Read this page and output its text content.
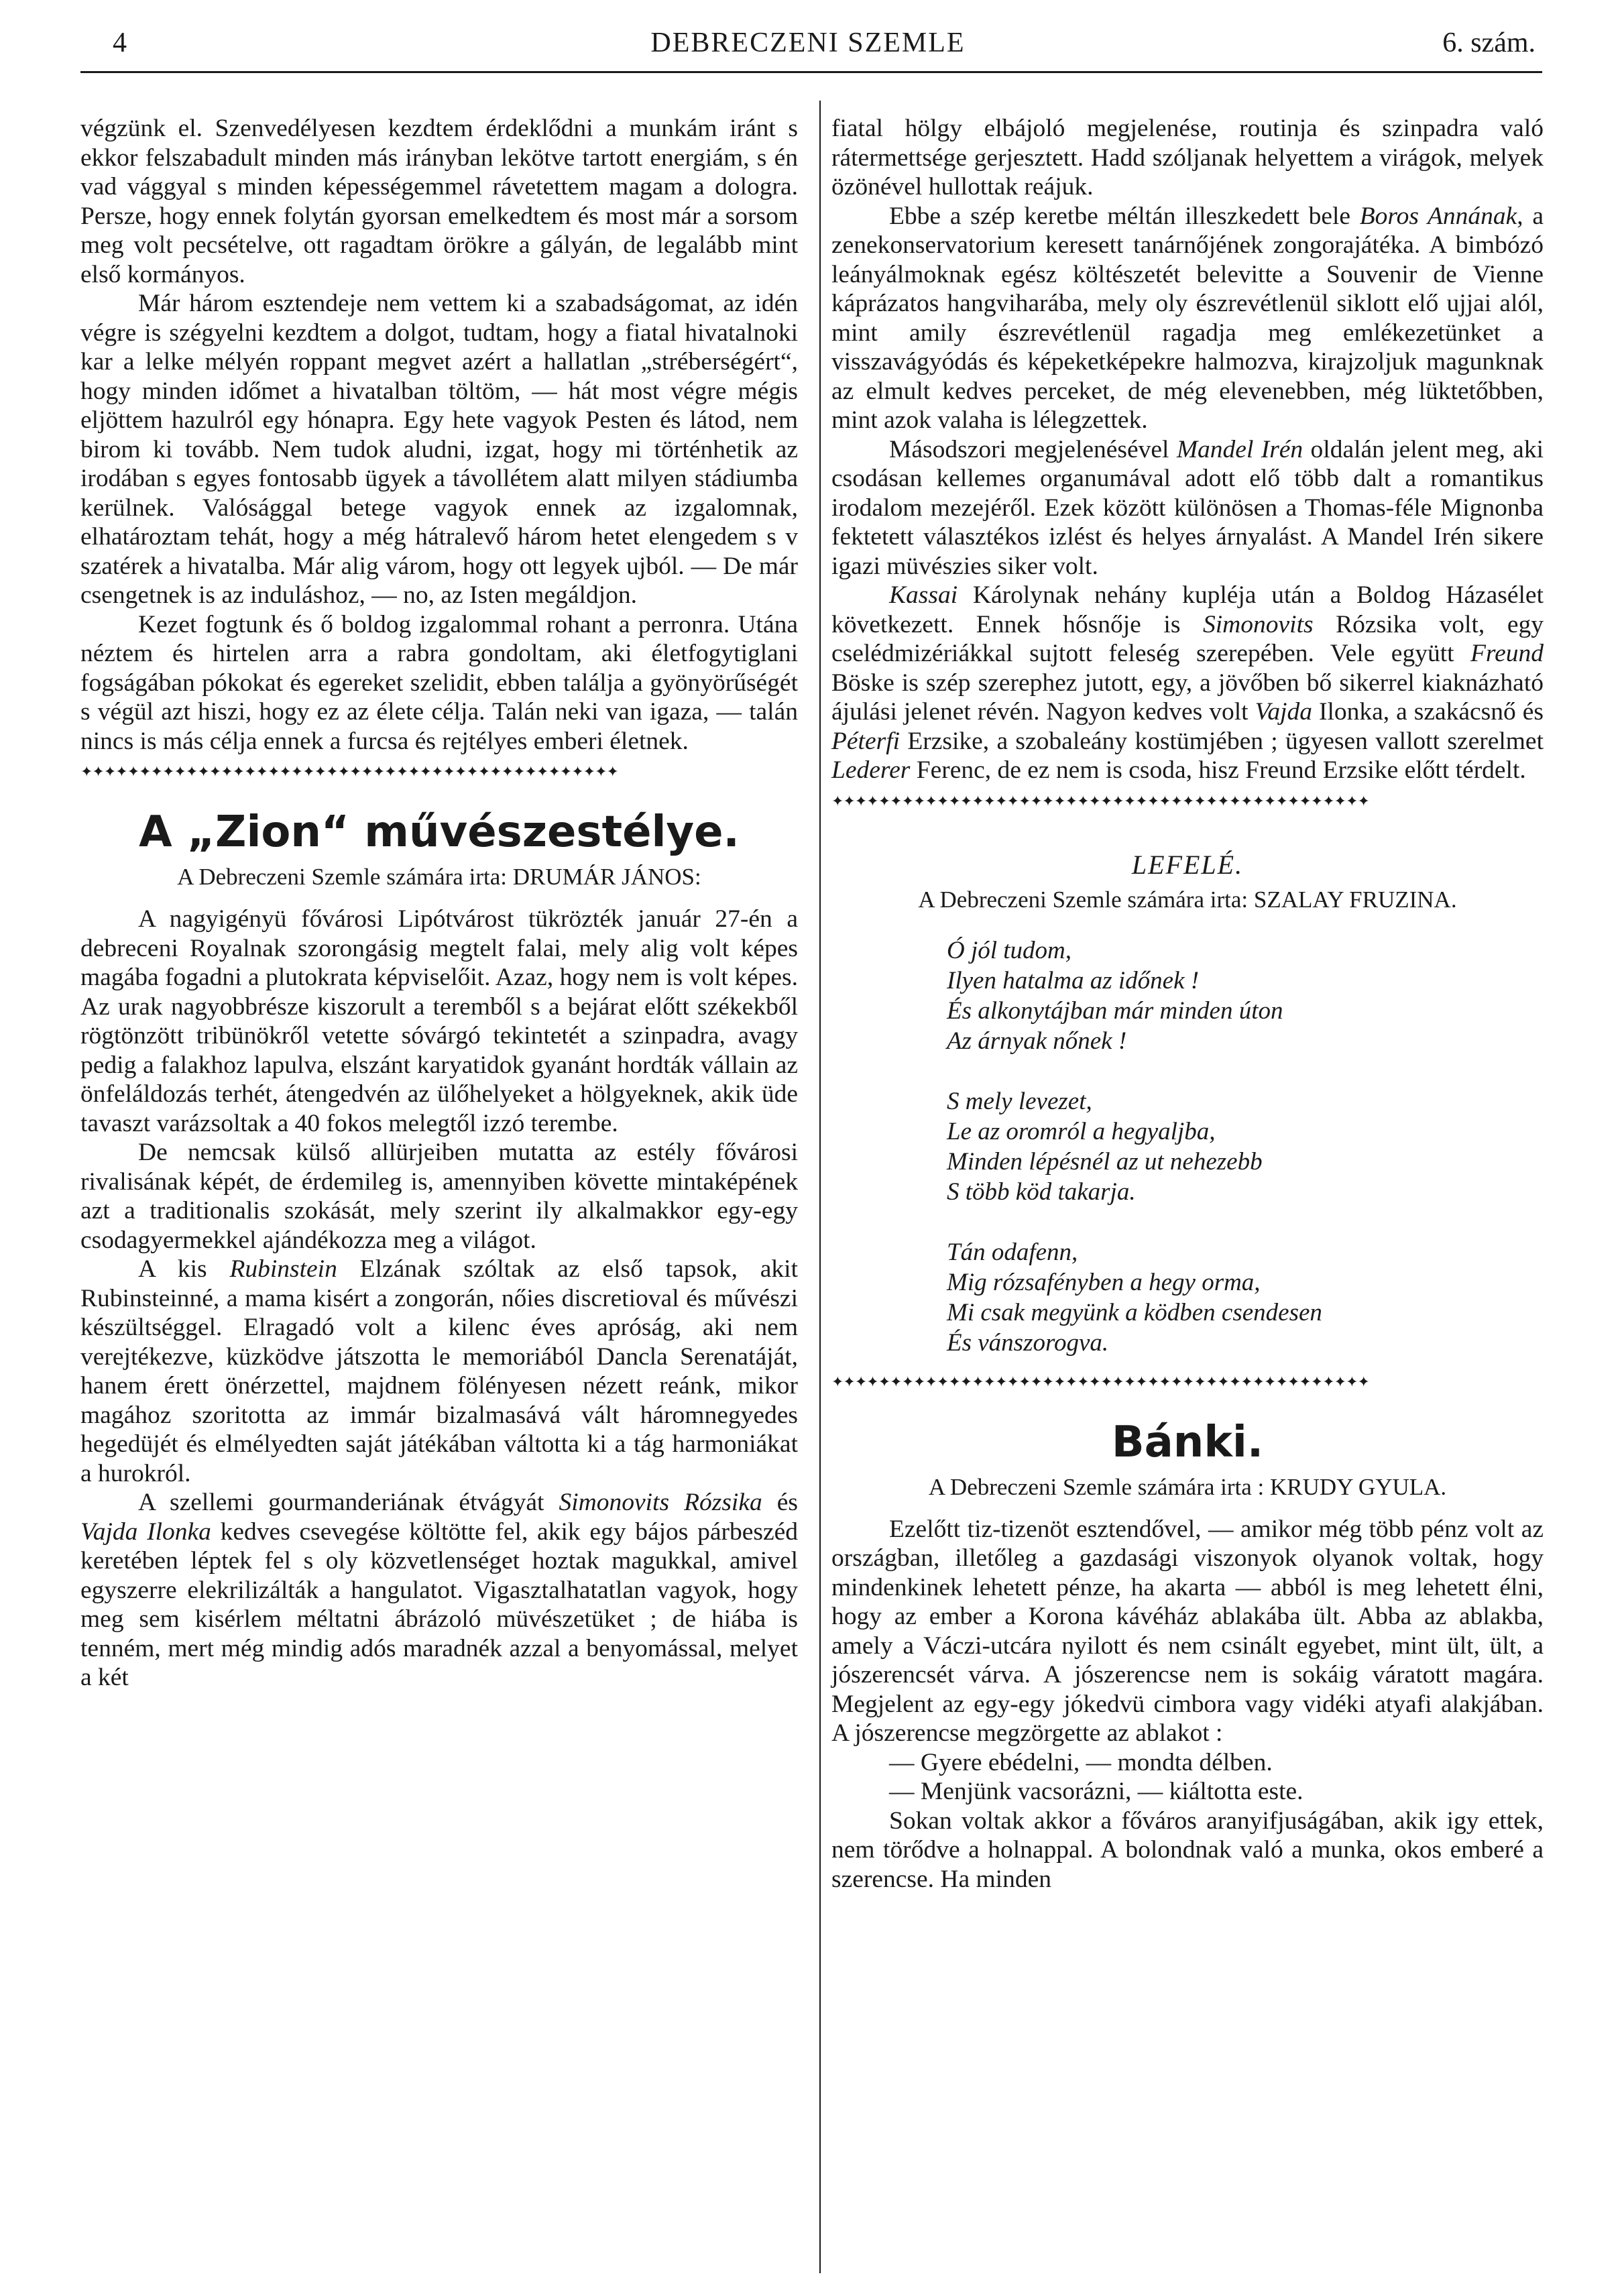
4	DEBRECZENI SZEMLE	6. szám.

végzünk el. Szenvedélyesen kezdtem érdeklődni a munkám iránt s ekkor felszabadult minden más irányban lekötve tartott energiám, s én vad vággyal s minden képességemmel rávetettem magam a dologra. Persze, hogy ennek folytán gyorsan emelkedtem és most már a sorsom meg volt pecsételve, ott ragadtam örökre a gályán, de legalább mint első kormányos.

Már három esztendeje nem vettem ki a szabadságomat, az idén végre is szégyelni kezdtem a dolgot, tudtam, hogy a fiatal hivatalnoki kar a lelke mélyén roppant megvet azért a hallatlan „stréberségért“, hogy minden időmet a hivatalban töltöm, — hát most végre mégis eljöttem hazulról egy hónapra. Egy hete vagyok Pesten és látod, nem birom ki tovább. Nem tudok aludni, izgat, hogy mi történhetik az irodában s egyes fontosabb ügyek a távollétem alatt milyen stádiumba kerülnek. Valósággal betege vagyok ennek az izgalomnak, elhatároztam tehát, hogy a még hátralevő három hetet elengedem s v szatérek a hivatalba. Már alig várom, hogy ott legyek ujból. — De már csengetnek is az induláshoz, — no, az Isten megáldjon.

Kezet fogtunk és ő boldog izgalommal rohant a perronra. Utána néztem és hirtelen arra a rabra gondoltam, aki életfogytiglani fogságában pókokat és egereket szelidit, ebben találja a gyönyörűségét s végül azt hiszi, hogy ez az élete célja. Talán neki van igaza, — talán nincs is más célja ennek a furcsa és rejtélyes emberi életnek.

✦✦✦✦✦✦✦✦✦✦✦✦✦✦✦✦✦✦✦✦✦✦✦✦✦✦✦✦✦✦✦✦✦✦✦✦✦✦✦✦✦✦✦✦✦✦
A „Zion“ művészestélye.
A Debreczeni Szemle számára irta: DRUMÁR JÁNOS:

A nagyigényü fővárosi Lipótvárost tükrözték január 27-én a debreceni Royalnak szorongásig megtelt falai, mely alig volt képes magába fogadni a plutokrata képviselőit. Azaz, hogy nem is volt képes. Az urak nagyobbrésze kiszorult a teremből s a bejárat előtt székekből rögtönzött tribünökről vetette sóvárgó tekintetét a szinpadra, avagy pedig a falakhoz lapulva, elszánt karyatidok gyanánt hordták vállain az önfeláldozás terhét, átengedvén az ülőhelyeket a hölgyeknek, akik üde tavaszt varázsoltak a 40 fokos melegtől izzó terembe.

De nemcsak külső allürjeiben mutatta az estély fővárosi rivalisának képét, de érdemileg is, amennyiben követte mintaképének azt a traditionalis szokását, mely szerint ily alkalmakkor egy-egy csodagyermekkel ajándékozza meg a világot.

A kis Rubinstein Elzának szóltak az első tapsok, akit Rubinsteinné, a mama kisért a zongorán, nőies discretioval és művészi készültséggel. Elragadó volt a kilenc éves apróság, aki nem verejtékezve, küzködve játszotta le memoriából Dancla Serenatáját, hanem érett önérzettel, majdnem fölényesen nézett reánk, mikor magához szoritotta az immár bizalmasává vált háromnegyedes hegedüjét és elmélyedten saját játékában váltotta ki a tág harmoniákat a hurokról.

A szellemi gourmanderiának étvágyát Simonovits Rózsika és Vajda Ilonka kedves csevegése költötte fel, akik egy bájos párbeszéd keretében léptek fel s oly közvetlenséget hoztak magukkal, amivel egyszerre elekrilizálták a hangulatot. Vigasztalhatatlan vagyok, hogy meg sem kisérlem méltatni ábrázoló müvészetüket ; de hiába is tenném, mert még mindig adós maradnék azzal a benyomással, melyet a két

fiatal hölgy elbájoló megjelenése, routinja és szinpadra való rátermettsége gerjesztett. Hadd szóljanak helyettem a virágok, melyek özönével hullottak reájuk.

Ebbe a szép keretbe méltán illeszkedett bele Boros Annának, a zenekonservatorium keresett tanárnőjének zongorajátéka. A bimbózó leányálmoknak egész költészetét belevitte a Souvenir de Vienne káprázatos hangviharába, mely oly észrevétlenül siklott elő ujjai alól, mint amily észrevétlenül ragadja meg emlékezetünket a visszavágyódás és képeketképekre halmozva, kirajzoljuk magunknak az elmult kedves perceket, de még elevenebben, még lüktetőbben, mint azok valaha is lélegzettek.

Másodszori megjelenésével Mandel Irén oldalán jelent meg, aki csodásan kellemes organumával adott elő több dalt a romantikus irodalom mezejéről. Ezek között különösen a Thomas-féle Mignonba fektetett választékos izlést és helyes árnyalást. A Mandel Irén sikere igazi müvészies siker volt.

Kassai Károlynak nehány kupléja után a Boldog Házasélet következett. Ennek hősnője is Simonovits Rózsika volt, egy cselédmizériákkal sujtott feleség szerepében. Vele együtt Freund Böske is szép szerephez jutott, egy, a jövőben bő sikerrel kiaknázható ájulási jelenet révén. Nagyon kedves volt Vajda Ilonka, a szakácsnő és Péterfi Erzsike, a szobaleány kostümjében ; ügyesen vallott szerelmet Lederer Ferenc, de ez nem is csoda, hisz Freund Erzsike előtt térdelt.

✦✦✦✦✦✦✦✦✦✦✦✦✦✦✦✦✦✦✦✦✦✦✦✦✦✦✦✦✦✦✦✦✦✦✦✦✦✦✦✦✦✦✦✦✦✦
LEFELÉ.
A Debreczeni Szemle számára irta: SZALAY FRUZINA.
Ó jól tudom,
Ilyen hatalma az időnek !
És alkonytájban már minden úton
Az árnyak nőnek !
S mely levezet,
Le az oromról a hegyaljba,
Minden lépésnél az ut nehezebb
S több köd takarja.
Tán odafenn,
Mig rózsafényben a hegy orma,
Mi csak megyünk a ködben csendesen
És vánszorogva.
✦✦✦✦✦✦✦✦✦✦✦✦✦✦✦✦✦✦✦✦✦✦✦✦✦✦✦✦✦✦✦✦✦✦✦✦✦✦✦✦✦✦✦✦✦✦
Bánki.
A Debreczeni Szemle számára irta : KRUDY GYULA.

Ezelőtt tiz-tizenöt esztendővel, — amikor még több pénz volt az országban, illetőleg a gazdasági viszonyok olyanok voltak, hogy mindenkinek lehetett pénze, ha akarta — abból is meg lehetett élni, hogy az ember a Korona kávéház ablakába ült. Abba az ablakba, amely a Váczi-utcára nyilott és nem csinált egyebet, mint ült, ült, a jószerencsét várva. A jószerencse nem is sokáig váratott magára. Megjelent az egy-egy jókedvü cimbora vagy vidéki atyafi alakjában. A jószerencse megzörgette az ablakot :

— Gyere ebédelni, — mondta délben.

— Menjünk vacsorázni, — kiáltotta este.

Sokan voltak akkor a főváros aranyifjuságában, akik igy ettek, nem törődve a holnappal. A bolondnak való a munka, okos emberé a szerencse. Ha minden
